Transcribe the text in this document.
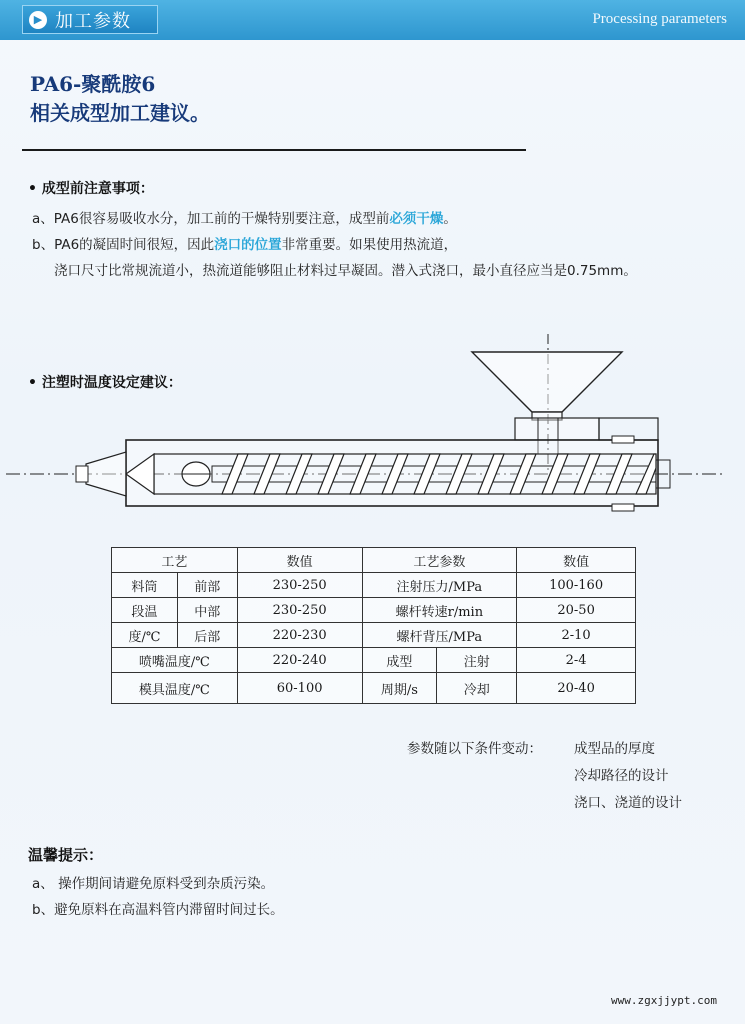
▶ 加工参数	Processing parameters
PA6-聚酰胺6
相关成型加工建议。
• 成型前注意事项：
a、PA6很容易吸收水分，加工前的干燥特别要注意，成型前必须干燥。
b、PA6的凝固时间很短，因此浇口的位置非常重要。如果使用热流道，
浇口尺寸比常规流道小，热流道能够阻止材料过早凝固。潜入式浇口，最小直径应当是0.75mm。
• 注塑时温度设定建议：
工艺		数值	工艺参数		数值
料筒	前部	230-250	注射压力/MPa		100-160
段温	中部	230-250	螺杆转速r/min		20-50
度/℃	后部	220-230	螺杆背压/MPa		2-10
喷嘴温度/℃		220-240	成型	注射	2-4
模具温度/℃		60-100	周期/s	冷却	20-40
参数随以下条件变动： 成型品的厚度
冷却路径的设计
浇口、浇道的设计
温馨提示：
a、 操作期间请避免原料受到杂质污染。
b、避免原料在高温料管内滞留时间过长。
www.zgxjjypt.com
